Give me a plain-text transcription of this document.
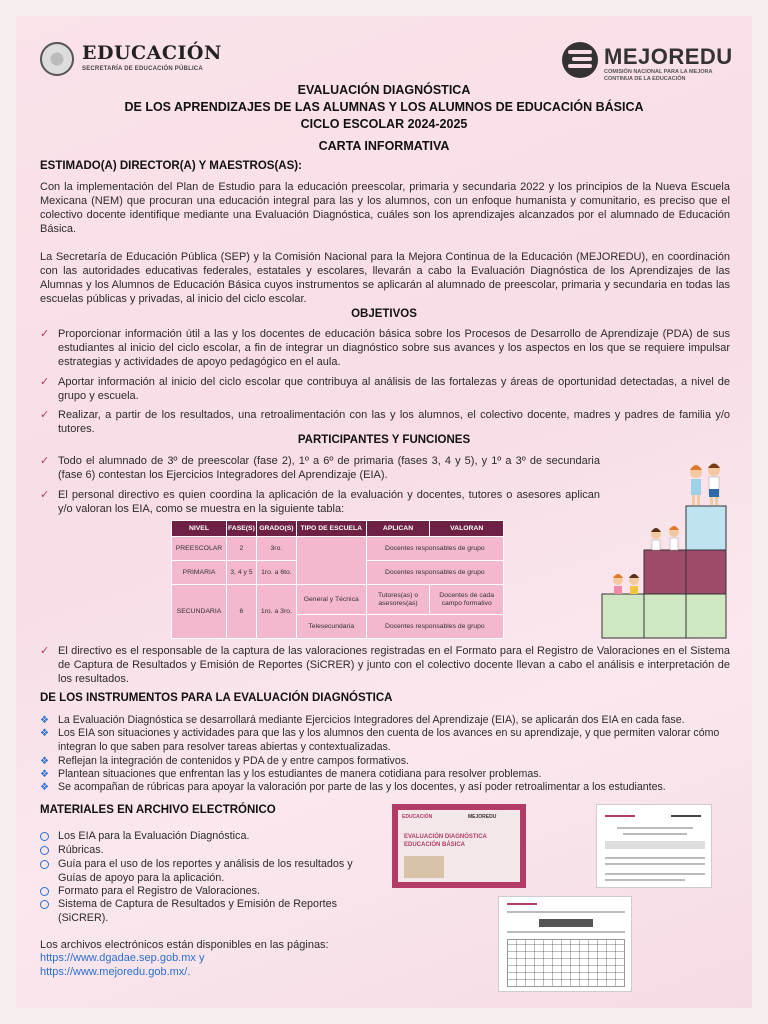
EDUCACIÓN
SECRETARÍA DE EDUCACIÓN PÚBLICA	MEJOREDU
COMISIÓN NACIONAL PARA LA MEJORA CONTINUA DE LA EDUCACIÓN
EVALUACIÓN DIAGNÓSTICA
DE LOS APRENDIZAJES DE LAS ALUMNAS Y LOS ALUMNOS DE EDUCACIÓN BÁSICA
CICLO ESCOLAR 2024-2025
CARTA INFORMATIVA
ESTIMADO(A) DIRECTOR(A) Y MAESTROS(AS):
Con la implementación del Plan de Estudio para la educación preescolar, primaria y secundaria 2022 y los principios de la Nueva Escuela Mexicana (NEM) que procuran una educación integral para las y los alumnos, con un enfoque humanista y comunitario, es preciso que el colectivo docente identifique mediante una Evaluación Diagnóstica, cuáles son los aprendizajes alcanzados por el alumnado de Educación Básica.
La Secretaría de Educación Pública (SEP) y la Comisión Nacional para la Mejora Continua de la Educación (MEJOREDU), en coordinación con las autoridades educativas federales, estatales y escolares, llevarán a cabo la Evaluación Diagnóstica de los Aprendizajes de las Alumnas y los Alumnos de Educación Básica cuyos instrumentos se aplicarán al alumnado de preescolar, primaria y secundaria en todas las escuelas públicas y privadas, al inicio del ciclo escolar.
OBJETIVOS
✓ Proporcionar información útil a las y los docentes de educación básica sobre los Procesos de Desarrollo de Aprendizaje (PDA) de sus estudiantes al inicio del ciclo escolar, a fin de integrar un diagnóstico sobre sus avances y los aspectos en los que se requiere impulsar estrategias y actividades de apoyo pedagógico en el aula.
✓ Aportar información al inicio del ciclo escolar que contribuya al análisis de las fortalezas y áreas de oportunidad detectadas, a nivel de grupo y escuela.
✓ Realizar, a partir de los resultados, una retroalimentación con las y los alumnos, el colectivo docente, madres y padres de familia y/o tutores.
PARTICIPANTES Y FUNCIONES
✓ Todo el alumnado de 3º de preescolar (fase 2), 1º a 6º de primaria (fases 3, 4 y 5), y 1º a 3º de secundaria (fase 6) contestan los Ejercicios Integradores del Aprendizaje (EIA).
✓ El personal directivo es quien coordina la aplicación de la evaluación y docentes, tutores o asesores aplican y/o valoran los EIA, como se muestra en la siguiente tabla:
NIVEL	FASE(S)	GRADO(S)	TIPO DE ESCUELA	APLICAN	VALORAN
PREESCOLAR	2	3ro.		Docentes responsables de grupo	
PRIMARIA	3, 4 y 5	1ro. a 6to.		Docentes responsables de grupo	
SECUNDARIA	6	1ro. a 3ro.	General y Técnica	Tutores(as) o asesores(as)	Docentes de cada campo formativo
			Telesecundaria	Docentes responsables de grupo	
✓ El directivo es el responsable de la captura de las valoraciones registradas en el Formato para el Registro de Valoraciones en el Sistema de Captura de Resultados y Emisión de Reportes (SiCRER) y junto con el colectivo docente llevan a cabo el análisis e interpretación de los resultados.
DE LOS INSTRUMENTOS PARA LA EVALUACIÓN DIAGNÓSTICA
❖ La Evaluación Diagnóstica se desarrollará mediante Ejercicios Integradores del Aprendizaje (EIA), se aplicarán dos EIA en cada fase.
❖ Los EIA son situaciones y actividades para que las y los alumnos den cuenta de los avances en su aprendizaje, y que permiten valorar cómo integran lo que saben para resolver tareas abiertas y contextualizadas.
❖ Reflejan la integración de contenidos y PDA de y entre campos formativos.
❖ Plantean situaciones que enfrentan las y los estudiantes de manera cotidiana para resolver problemas.
❖ Se acompañan de rúbricas para apoyar la valoración por parte de las y los docentes, y así poder retroalimentar a los estudiantes.
MATERIALES EN ARCHIVO ELECTRÓNICO
Los EIA para la Evaluación Diagnóstica.
Rúbricas.
Guía para el uso de los reportes y análisis de los resultados y Guías de apoyo para la aplicación.
Formato para el Registro de Valoraciones.
Sistema de Captura de Resultados y Emisión de Reportes (SiCRER).
Los archivos electrónicos están disponibles en las páginas:
https://www.dgadae.sep.gob.mx y
https://www.mejoredu.gob.mx/.
EDUCACIÓN	MEJOREDU
EVALUACIÓN DIAGNÓSTICA
EDUCACIÓN BÁSICA
